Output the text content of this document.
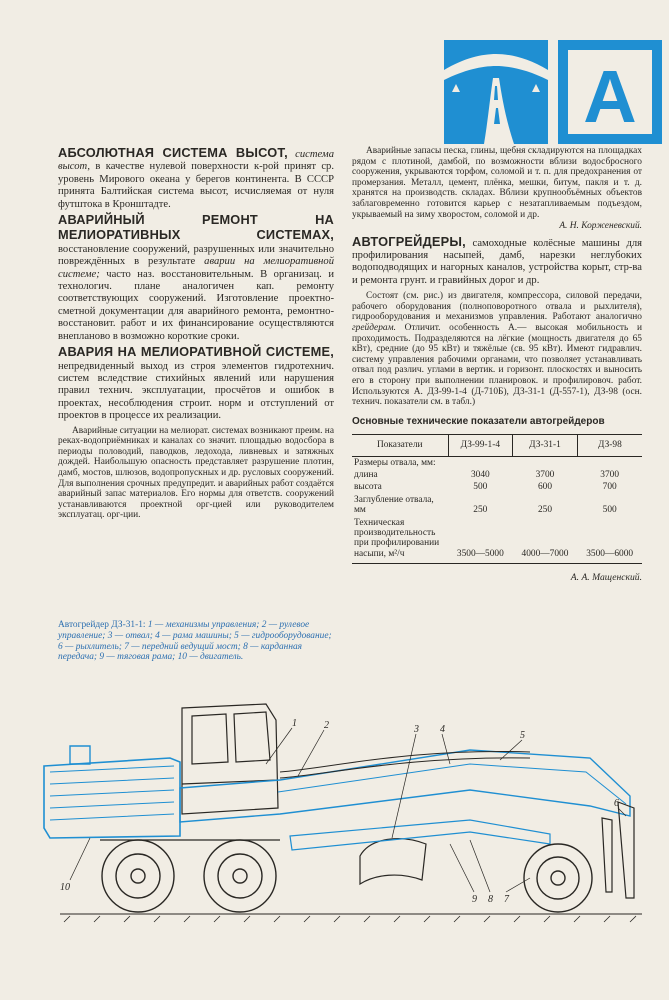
А

АБСОЛЮТНАЯ СИСТЕМА ВЫСОТ, система высот, в качестве нулевой поверхности к-рой принят ср. уровень Мирового океана у берегов континента. В СССР принята Балтийская система высот, исчисляемая от нуля футштока в Кронштадте.

АВАРИЙНЫЙ РЕМОНТ НА МЕЛИОРАТИВНЫХ СИСТЕМАХ, восстановление сооружений, разрушенных или значительно повреждённых в результате аварии на мелиоративной системе; часто наз. восстановительным. В организац. и технологич. плане аналогичен кап. ремонту соответствующих сооружений. Изготовление проектно-сметной документации для аварийного ремонта, ремонтно-восстановит. работ и их финансирование осуществляются внепланово в возможно короткие сроки.

АВАРИЯ НА МЕЛИОРАТИВНОЙ СИСТЕМЕ, непредвиденный выход из строя элементов гидротехнич. систем вследствие стихийных явлений или нарушения правил технич. эксплуатации, просчётов и ошибок в проектах, несоблюдения строит. норм и отступлений от проектов в процессе их реализации.

Аварийные ситуации на мелиорат. системах возникают преим. на реках-водоприёмниках и каналах со значит. площадью водосбора в периоды половодий, паводков, ледохода, ливневых и затяжных дождей. Наибольшую опасность представляет разрушение плотин, дамб, мостов, шлюзов, водопропускных и др. русловых сооружений. Для выполнения срочных предупредит. и аварийных работ создаётся аварийный запас материалов. Его нормы для ответств. сооружений устанавливаются проектной орг-цией или руководителем эксплуатац. орг-ции.

Аварийные запасы песка, глины, щебня складируются на площадках рядом с плотиной, дамбой, по возможности вблизи водосбросного сооружения, укрываются торфом, соломой и т. п. для предохранения от промерзания. Металл, цемент, плёнка, мешки, битум, пакля и т. д. хранятся на производств. складах. Вблизи крупнообъёмных объектов заблаговременно готовится карьер с незатапливаемым подъездом, укрываемый на зиму хворостом, соломой и др.

А. Н. Корженевский.

АВТОГРЕЙДЕРЫ, самоходные колёсные машины для профилирования насыпей, дамб, нарезки неглубоких водоподводящих и нагорных каналов, устройства корыт, стр-ва и ремонта грунт. и гравийных дорог и др.

Состоят (см. рис.) из двигателя, компрессора, силовой передачи, рабочего оборудования (полноповоротного отвала и рыхлителя), гидрооборудования и механизмов управления. Работают аналогично грейдерам. Отличит. особенность А.— высокая мобильность и проходимость. Подразделяются на лёгкие (мощность двигателя до 65 кВт), средние (до 95 кВт) и тяжёлые (св. 95 кВт). Имеют гидравлич. систему управления рабочими органами, что позволяет устанавливать отвал под различ. углами в вертик. и горизонт. плоскостях и выносить его в сторону при выполнении планировок. и профилировоч. работ. Используются А. ДЗ-99-1-4 (Д-710Б), ДЗ-31-1 (Д-557-1), ДЗ-98 (осн. технич. показатели см. в табл.)

Основные технические показатели автогрейдеров
Показатели	ДЗ-99-1-4	ДЗ-31-1	ДЗ-98
Размеры отвала, мм:			
длина	3040	3700	3700
высота	500	600	700
Заглубление отвала, мм	250	250	500
Техническая производительность при профилировании насыпи, м²/ч	3500—5000	4000—7000	3500—6000
А. А. Мащенский.
Автогрейдер ДЗ-31-1: 1 — механизмы управления; 2 — рулевое управление; 3 — отвал; 4 — рама машины; 5 — гидрооборудование; 6 — рыхлитель; 7 — передний ведущий мост; 8 — карданная передача; 9 — тяговая рама; 10 — двигатель.
1	2	3 4
5
6
7
8
9
10
